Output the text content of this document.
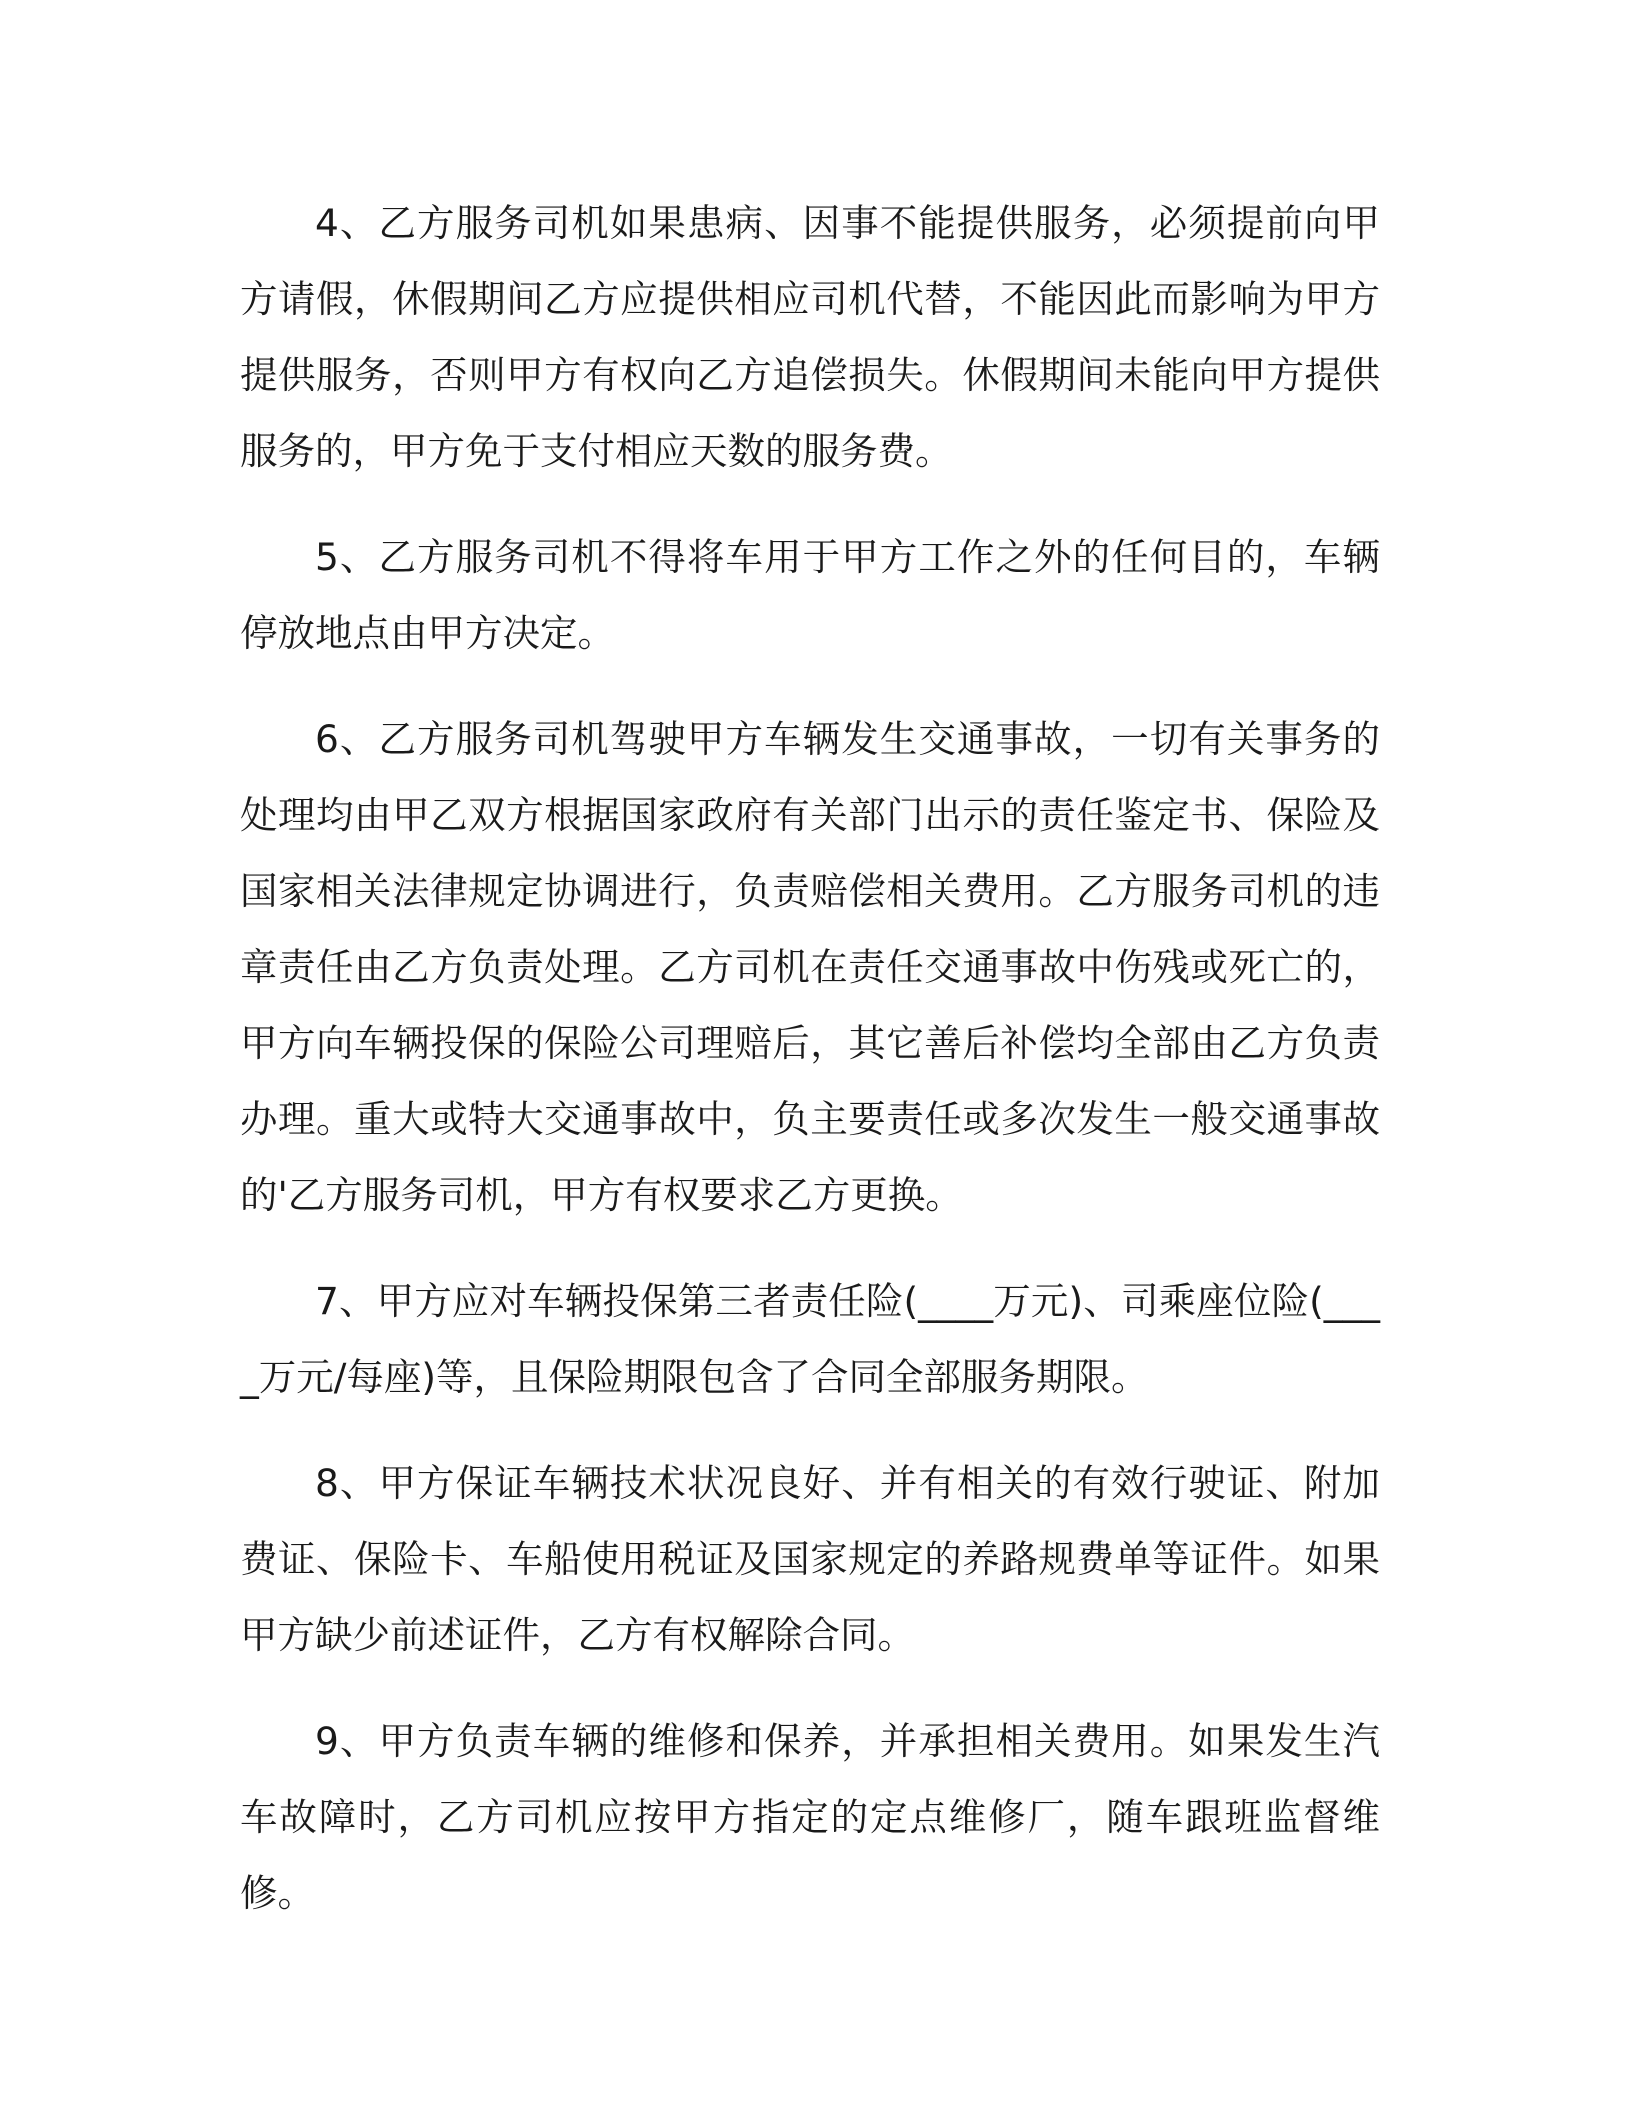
4、乙方服务司机如果患病、因事不能提供服务，必须提前向甲方请假，休假期间乙方应提供相应司机代替，不能因此而影响为甲方提供服务，否则甲方有权向乙方追偿损失。休假期间未能向甲方提供服务的，甲方免于支付相应天数的服务费。

5、乙方服务司机不得将车用于甲方工作之外的任何目的，车辆停放地点由甲方决定。

6、乙方服务司机驾驶甲方车辆发生交通事故，一切有关事务的处理均由甲乙双方根据国家政府有关部门出示的责任鉴定书、保险及国家相关法律规定协调进行，负责赔偿相关费用。乙方服务司机的违章责任由乙方负责处理。乙方司机在责任交通事故中伤残或死亡的，甲方向车辆投保的保险公司理赔后，其它善后补偿均全部由乙方负责办理。重大或特大交通事故中，负主要责任或多次发生一般交通事故的'乙方服务司机，甲方有权要求乙方更换。

7、甲方应对车辆投保第三者责任险(____万元)、司乘座位险(____万元/每座)等，且保险期限包含了合同全部服务期限。

8、甲方保证车辆技术状况良好、并有相关的有效行驶证、附加费证、保险卡、车船使用税证及国家规定的养路规费单等证件。如果甲方缺少前述证件，乙方有权解除合同。

9、甲方负责车辆的维修和保养，并承担相关费用。如果发生汽车故障时，乙方司机应按甲方指定的定点维修厂，随车跟班监督维修。
